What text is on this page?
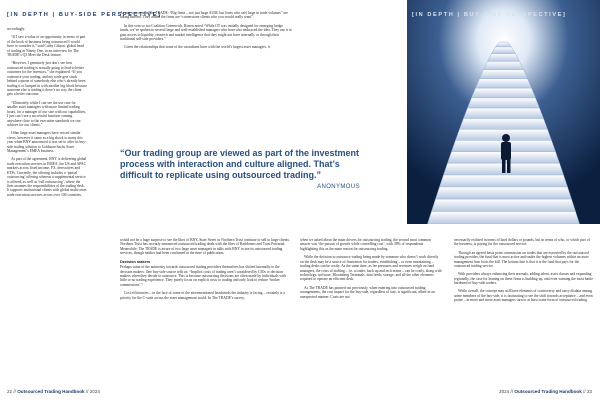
[IN DEPTH | BUY-SIDE PERSPECTIVE]

accordingly.

“If I saw a value of an opportunity in terms of part of the book of business being outsourced I would have to consider it,” said Cathy Gibson, global head of trading at Ninety One, in an interview for The TRADE’s Q3 Meet the Desk feature.

“However, I genuinely just don’t see how outsourced trading is actually going to lead to better outcomes for the investors,” she explained. “If you outsource your trading, and my trade gets stuck behind a queue of somebody else who’s already been trading it or lumped in with another big block because someone else is trading it there’s no way the client gets a better outcome.

“Ultimately, while I can see the use case for smaller asset managers with more limited trading hours, for a manager of our size with our capabilities, I just can’t see a successful function coming anywhere close to the execution standards we can achieve for our clients.”

Other large asset managers have voiced similar views, however it came as a big shock to many this year when BNY announced it was set to offer its buy-side trading solution to Goldman Sachs Asset Management’s EMEA business.

As part of the agreement, BNY is delivering global trade execution services in EMEA, the US and APAC markets across fixed income, FX, derivatives and ETFs. Currently, the offering includes a ‘partial outsourcing’ offering whereas a supplemental service is offered, as well as ‘full outsourcing’, where the firm assumes the responsibilities of the trading desk. It supports institutional clients with global multi-asset trade execution services across over 100 countries.

As one source tells The TRADE: “Big firms – not just large AUM, but [ones who see] large in trade volumes” are taking interest. They added the firms are “cornerstone clients who you would really want”.

In this vein so too Coalition Greenwich, Ronen noted “While OT was initially designed for emerging hedge funds, we’ve spoken to several large and well-established managers who have also embraced the idea. They use it to gain access to liquidity, research and market intelligence that they might not have internally or through their traditional sell-side providers.”

Given the relationships that some of the custodians have with the world’s largest asset managers, it

would not be a huge surprise to see the likes of BNY, State Street or Northern Trust continue to sell to large clients. Northern Trust has recently announced outsourced trading deals with the likes of Rathbones and Trust Potential. Meanwhile, The TRADE is aware of two large asset managers in talks with BNY to use its outsourced trading services, though neither had been confirmed at the time of publication.

Decision makers

Perhaps some of the animosity towards outsourced trading providers themselves has shifted internally to the decision makers. One buy-side source tells us: “Implicit costs of trading aren’t considered by CIOs or decision makers when they decide to outsource. This is because outsourcing decisions are often made by individuals with little or no trading experience. They purely focus on explicit costs to trading and only look to reduce ‘broker commissions’.”

Cost efficiencies – in the face of some of the aforementioned headwinds the industry is facing – certainly is a priority for the C-suite across the asset management world. In The TRADE’s survey,

22 // Outsourced Trading Handbook // 2024
[IN DEPTH | BUY-SIDE PERSPECTIVE]

when we asked about the main drivers for outsourcing trading, the second most common answer was ‘the pursuit of growth while controlling cost’, with 38% of respondents highlighting this as the main reason for outsourcing trading.

While the decision to outsource trading being made by someone who doesn’t work directly on the desk may be a source of frustration for traders, establishing – or even maintaining – trading desks can be costly. As the same time, as fee pressures and revenues weigh on fund managers, the costs of staffing – i.e. a trader, back up and tech teams – can be costly, along with technology, software, Bloomberg Terminals, data feeds, storage, and all the other elements required to operate an efficient desk.

As The TRADE has pointed out previously, when entering into outsourced trading arrangements, the cost impact for the buy-side, regardless of size, is significant, albeit in an unexpected manner. Costs are not

necessarily realised in terms of hard dollars or pounds, but in terms of who, or which part of the business, is paying for the outsourced service.

Through an agreed basis point commission on trades that are executed by the outsourced trading provider, the fund that is most active and trades the highest volumes within an asset management firm foots the bill. The bottom line is that it is the fund that pays for the outsourced trading service.

With providers always enhancing their arsenals, adding talent, asset classes and expanding regionally, the case for leaning on these firms is building up, and even winning the most battle hardened of buy-side traders.

While overall, the concept may still have elements of controversy and carry disdain among some members of the buy-side, it is fascinating to see the shift towards acceptance – and even praise – in more and more asset managers turn to at least some form of outsourced trading.

2024 // Outsourced Trading Handbook // 23
“Our trading group are viewed as part of the investment process with interaction and culture aligned. That’s difficult to replicate using outsourced trading.”
ANONYMOUS
